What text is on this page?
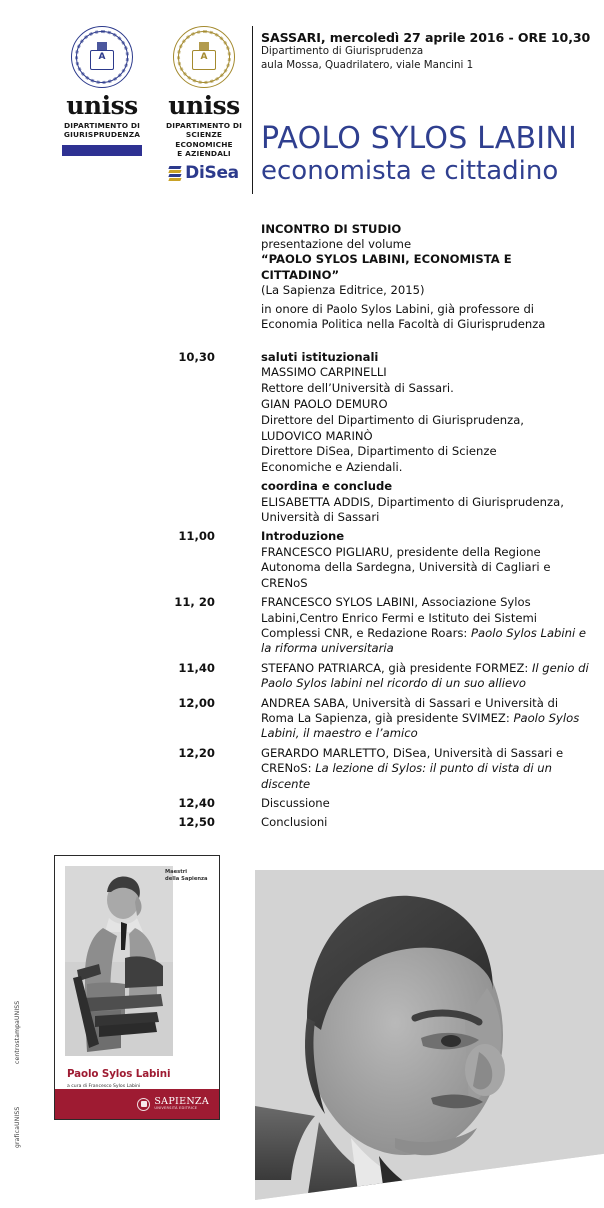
A
uniss
DIPARTIMENTO DI
GIURISPRUDENZA
A
uniss
DIPARTIMENTO DI
SCIENZE ECONOMICHE
E AZIENDALI
DiSea
SASSARI, mercoledì 27 aprile 2016 - ORE 10,30
Dipartimento di Giurisprudenza
aula Mossa, Quadrilatero, viale Mancini 1
PAOLO SYLOS LABINI
economista e cittadino
INCONTRO DI STUDIO
presentazione del volume
“PAOLO SYLOS LABINI, ECONOMISTA E CITTADINO”
(La Sapienza Editrice, 2015)
in onore di Paolo Sylos Labini, già professore di
Economia Politica nella Facoltà di Giurisprudenza
10,30	saluti istituzionali

MASSIMO CARPINELLI

Rettore dell’Università di Sassari.

GIAN PAOLO DEMURO

Direttore del Dipartimento di Giurisprudenza,

LUDOVICO MARINÒ

Direttore DiSea, Dipartimento di Scienze

Economiche e Aziendali.

coordina e conclude

ELISABETTA ADDIS, Dipartimento di Giurisprudenza,

Università di Sassari

11,00	Introduzione

FRANCESCO PIGLIARU, presidente della Regione

Autonoma della Sardegna, Università di Cagliari e

CRENoS

11, 20	FRANCESCO SYLOS LABINI, Associazione Sylos Labini,Centro Enrico Fermi e Istituto dei Sistemi Complessi CNR, e Redazione Roars: Paolo Sylos Labini e la riforma universitaria

11,40	STEFANO PATRIARCA, già presidente FORMEZ: Il genio di Paolo Sylos labini nel ricordo di un suo allievo

12,00	ANDREA SABA, Università di Sassari e Università di Roma La Sapienza, già presidente SVIMEZ: Paolo Sylos Labini, il maestro e l’amico

12,20	GERARDO MARLETTO, DiSea, Università di Sassari e CRENoS: La lezione di Sylos: il punto di vista di un discente

12,40	Discussione

12,50	Conclusioni

Maestri
della Sapienza
Paolo Sylos Labini
a cura di Francesco Sylos Labini
SAPIENZA
UNIVERSITÀ EDITRICE
centrostampaUNISS
graficaUNISS
